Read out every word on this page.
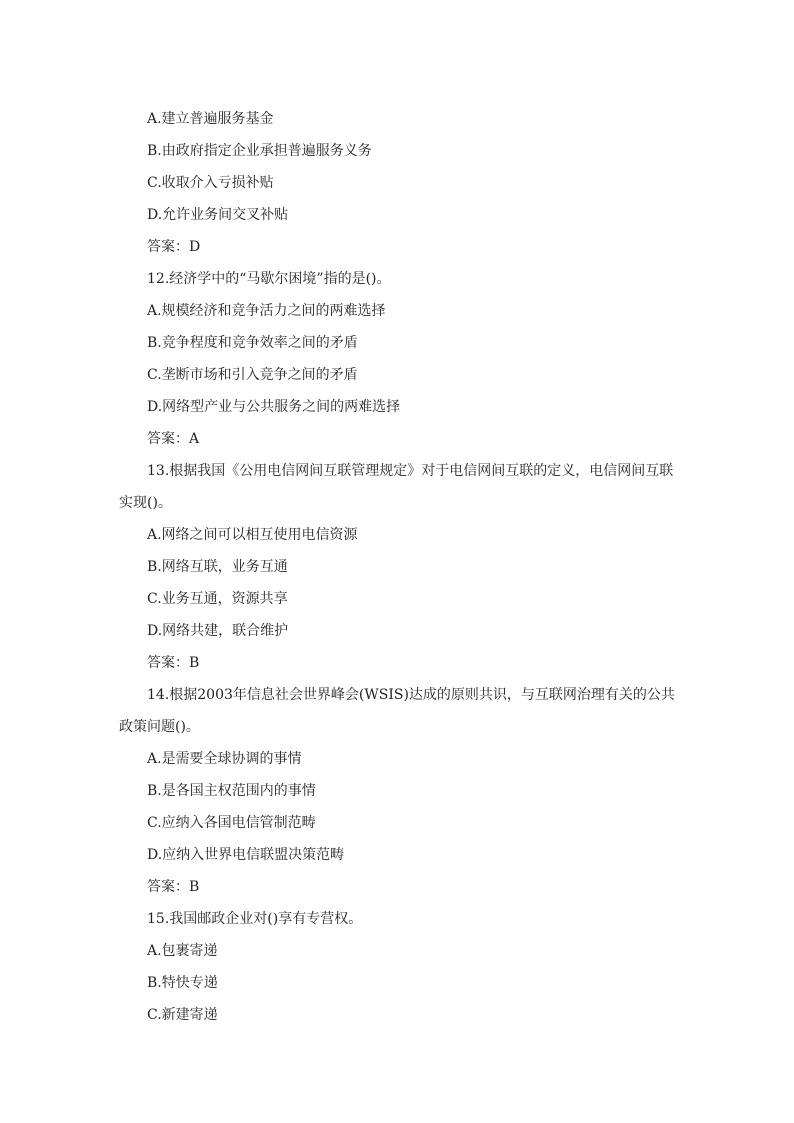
A.建立普遍服务基金
B.由政府指定企业承担普遍服务义务
C.收取介入亏损补贴
D.允许业务间交叉补贴
答案：D
12.经济学中的“马歇尔困境”指的是()。
A.规模经济和竞争活力之间的两难选择
B.竞争程度和竞争效率之间的矛盾
C.垄断市场和引入竞争之间的矛盾
D.网络型产业与公共服务之间的两难选择
答案：A
13.根据我国《公用电信网间互联管理规定》对于电信网间互联的定义，电信网间互联
实现()。
A.网络之间可以相互使用电信资源
B.网络互联，业务互通
C.业务互通，资源共享
D.网络共建，联合维护
答案：B
14.根据2003年信息社会世界峰会(WSIS)达成的原则共识，与互联网治理有关的公共
政策问题()。
A.是需要全球协调的事情
B.是各国主权范围内的事情
C.应纳入各国电信管制范畴
D.应纳入世界电信联盟决策范畴
答案：B
15.我国邮政企业对()享有专营权。
A.包裹寄递
B.特快专递
C.新建寄递
